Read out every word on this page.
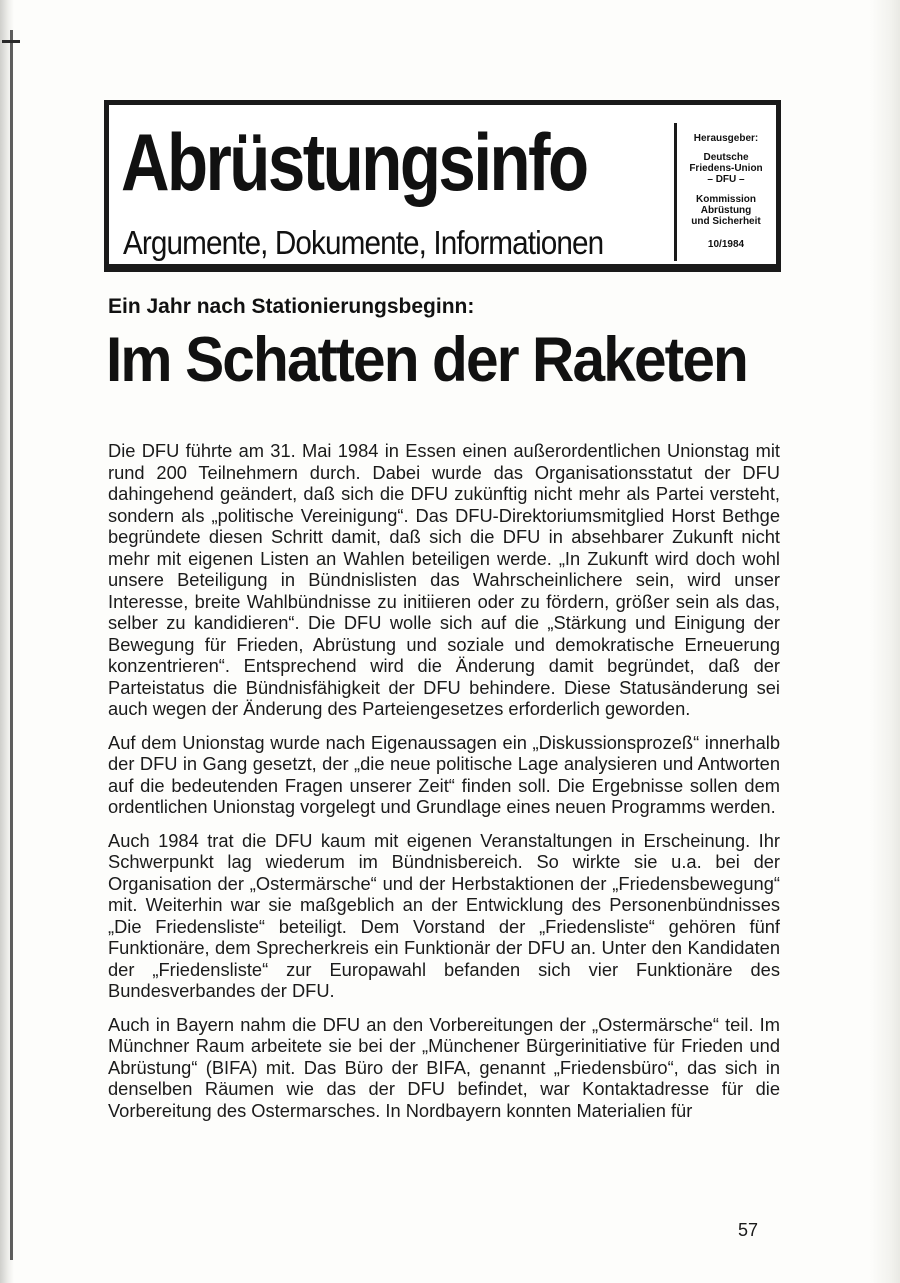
Abrüstungsinfo
Argumente, Dokumente, Informationen
Herausgeber:
Deutsche
Friedens-Union
– DFU –
Kommission
Abrüstung
und Sicherheit
10/1984
Ein Jahr nach Stationierungsbeginn:
Im Schatten der Raketen

Die DFU führte am 31. Mai 1984 in Essen einen außerordentlichen Unionstag mit rund 200 Teilnehmern durch. Dabei wurde das Organisationsstatut der DFU dahingehend geändert, daß sich die DFU zukünftig nicht mehr als Partei versteht, sondern als „politische Vereinigung“. Das DFU-Direktoriumsmitglied Horst Bethge begründete diesen Schritt damit, daß sich die DFU in absehbarer Zukunft nicht mehr mit eigenen Listen an Wahlen beteiligen werde. „In Zukunft wird doch wohl unsere Beteiligung in Bündnislisten das Wahrscheinlichere sein, wird unser Interesse, breite Wahlbündnisse zu initiieren oder zu fördern, größer sein als das, selber zu kandidieren“. Die DFU wolle sich auf die „Stärkung und Einigung der Bewegung für Frieden, Abrüstung und soziale und demokratische Erneuerung konzentrieren“. Entsprechend wird die Änderung damit begründet, daß der Parteistatus die Bündnisfähigkeit der DFU behindere. Diese Statusänderung sei auch wegen der Änderung des Parteiengesetzes erforderlich geworden.

Auf dem Unionstag wurde nach Eigenaussagen ein „Diskussionsprozeß“ innerhalb der DFU in Gang gesetzt, der „die neue politische Lage analysieren und Antworten auf die bedeutenden Fragen unserer Zeit“ finden soll. Die Ergebnisse sollen dem ordentlichen Unionstag vorgelegt und Grundlage eines neuen Programms werden.

Auch 1984 trat die DFU kaum mit eigenen Veranstaltungen in Erscheinung. Ihr Schwerpunkt lag wiederum im Bündnisbereich. So wirkte sie u.a. bei der Organisation der „Ostermärsche“ und der Herbstaktionen der „Friedensbewegung“ mit. Weiterhin war sie maßgeblich an der Entwicklung des Personenbündnisses „Die Friedensliste“ beteiligt. Dem Vorstand der „Friedensliste“ gehören fünf Funktionäre, dem Sprecherkreis ein Funktionär der DFU an. Unter den Kandidaten der „Friedensliste“ zur Europawahl befanden sich vier Funktionäre des Bundesverbandes der DFU.

Auch in Bayern nahm die DFU an den Vorbereitungen der „Ostermärsche“ teil. Im Münchner Raum arbeitete sie bei der „Münchener Bürgerinitiative für Frieden und Abrüstung“ (BIFA) mit. Das Büro der BIFA, genannt „Friedensbüro“, das sich in denselben Räumen wie das der DFU befindet, war Kontaktadresse für die Vorbereitung des Ostermarsches. In Nordbayern konnten Materialien für

57
